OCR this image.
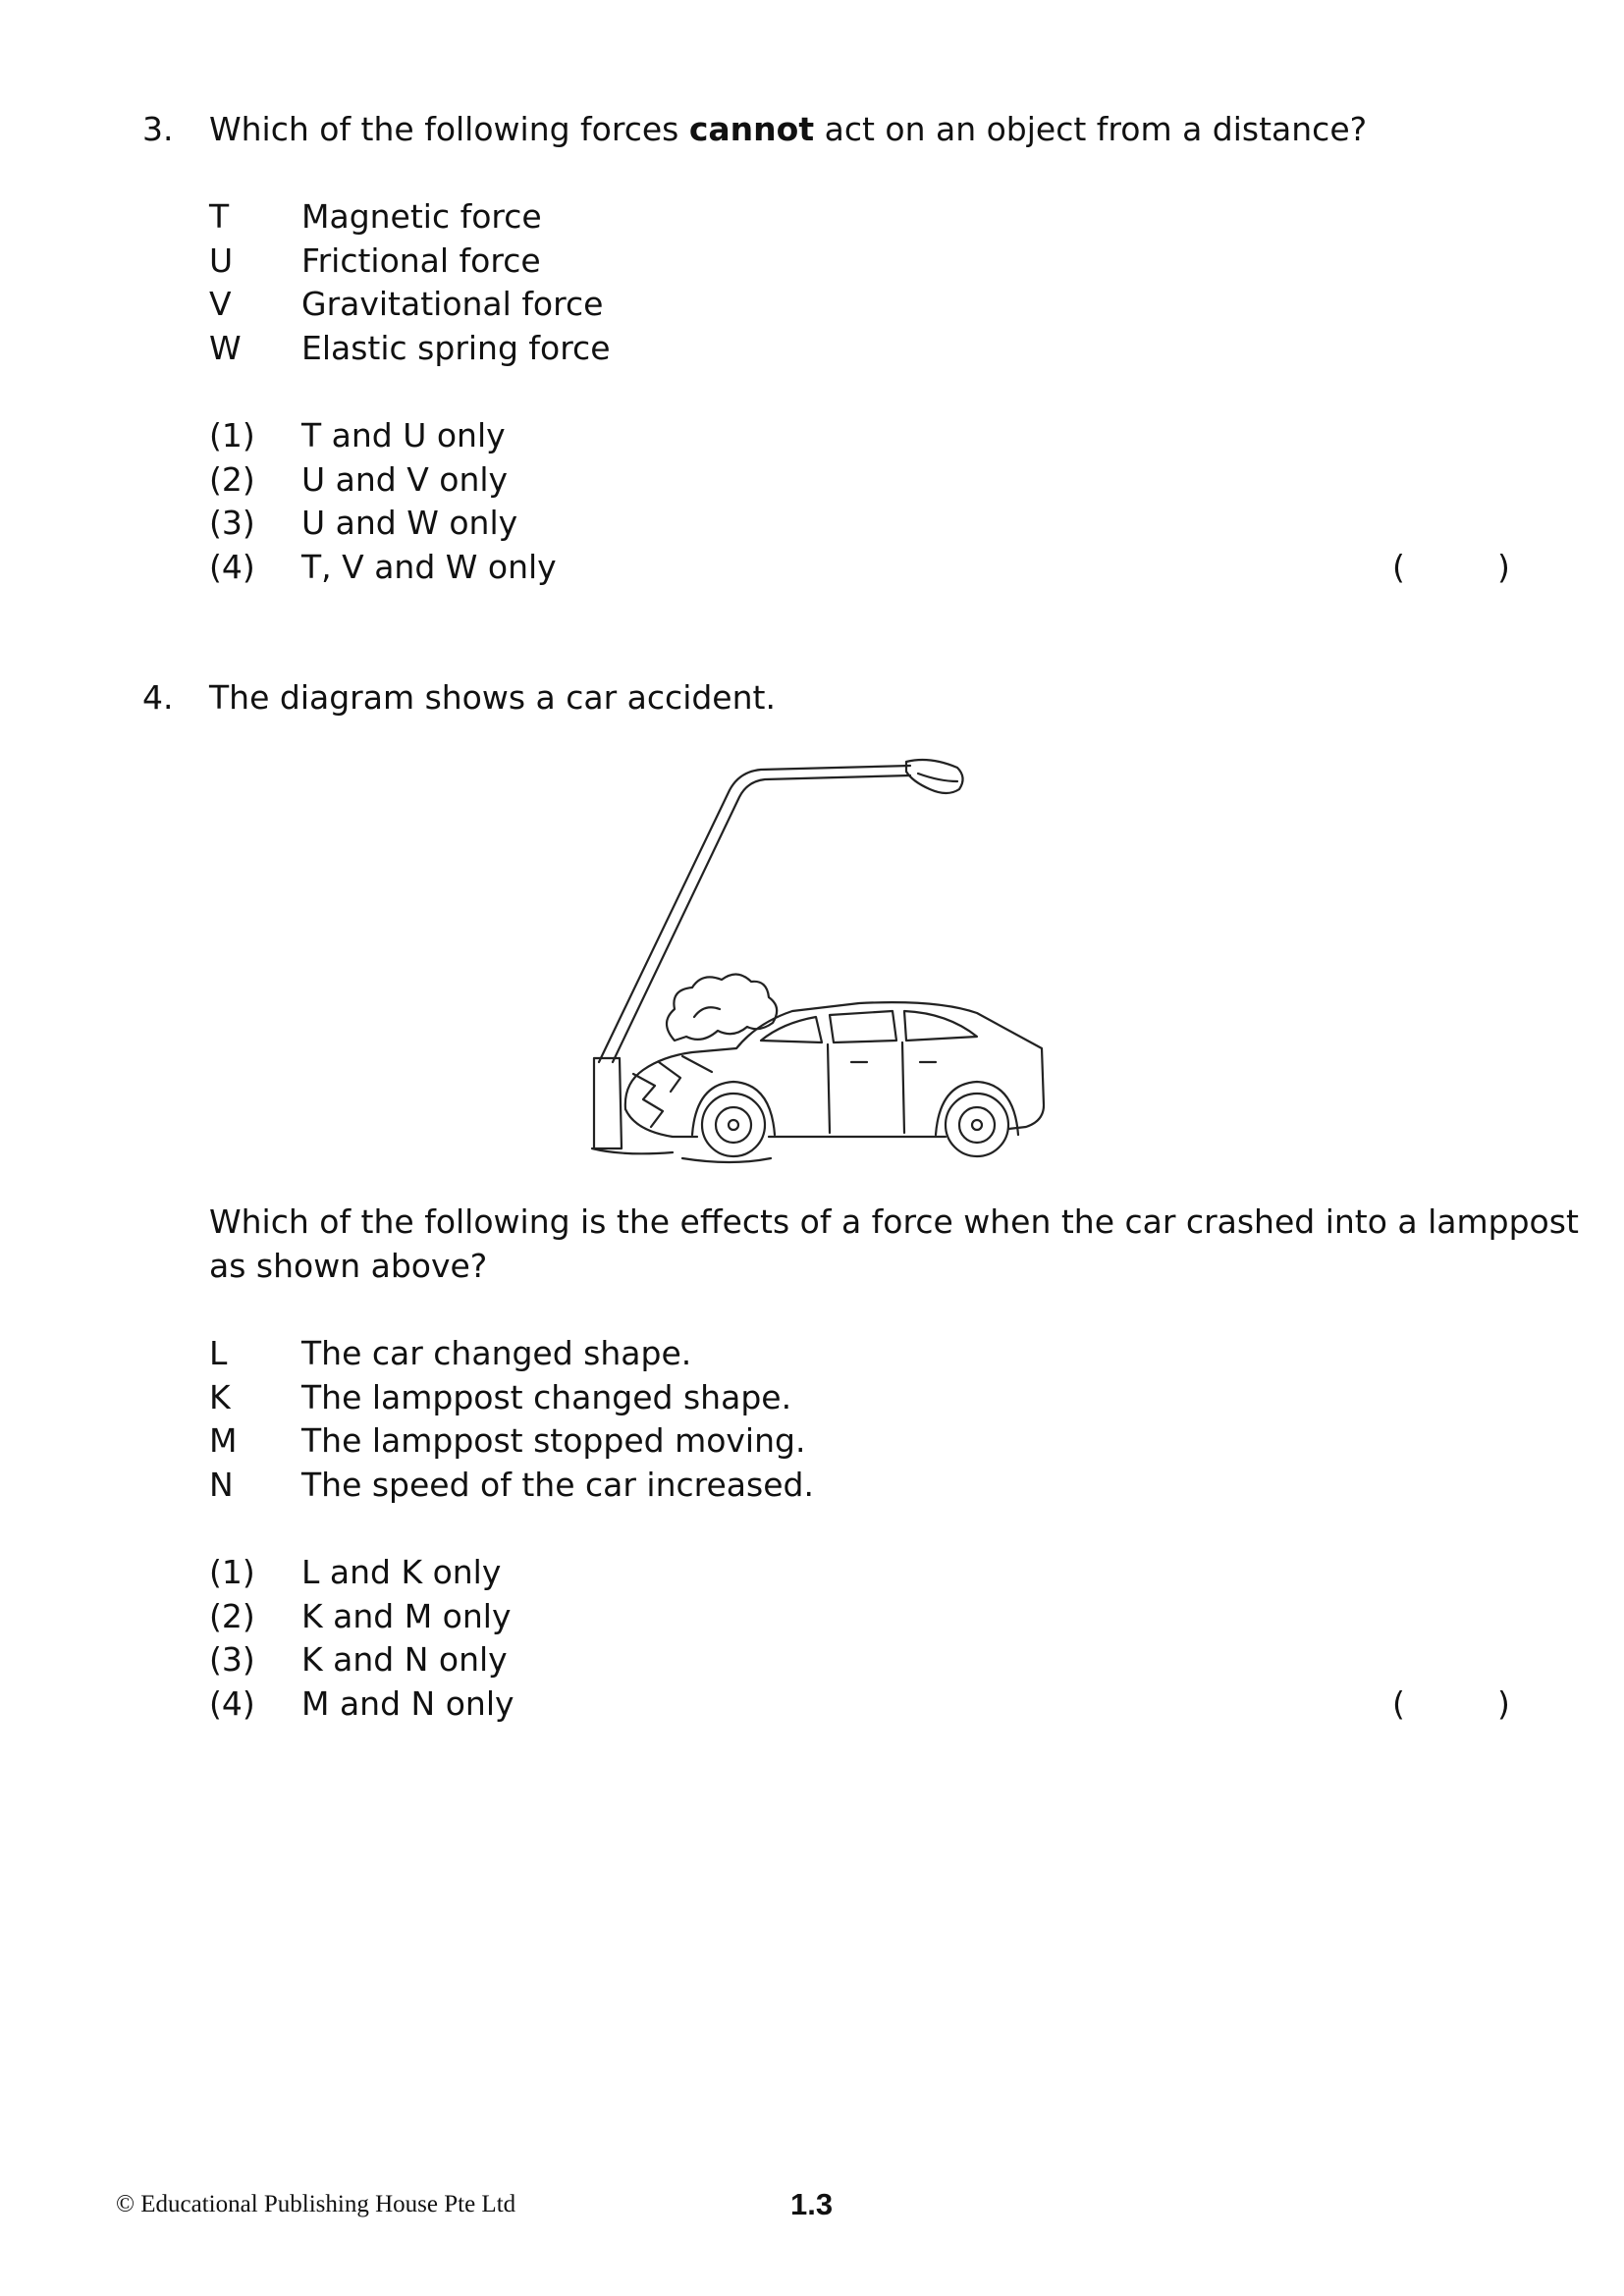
3. Which of the following forces cannot act on an object from a distance?
T Magnetic force
U Frictional force
V Gravitational force
W Elastic spring force
(1) T and U only
(2) U and V only
(3) U and W only
(4) T, V and W only	(	)
4. The diagram shows a car accident.
Which of the following is the effects of a force when the car crashed into a lamppost
as shown above?
L The car changed shape.
K The lamppost changed shape.
M The lamppost stopped moving.
N The speed of the car increased.
(1) L and K only
(2) K and M only
(3) K and N only
(4) M and N only	(	)
© Educational Publishing House Pte Ltd	1.3
